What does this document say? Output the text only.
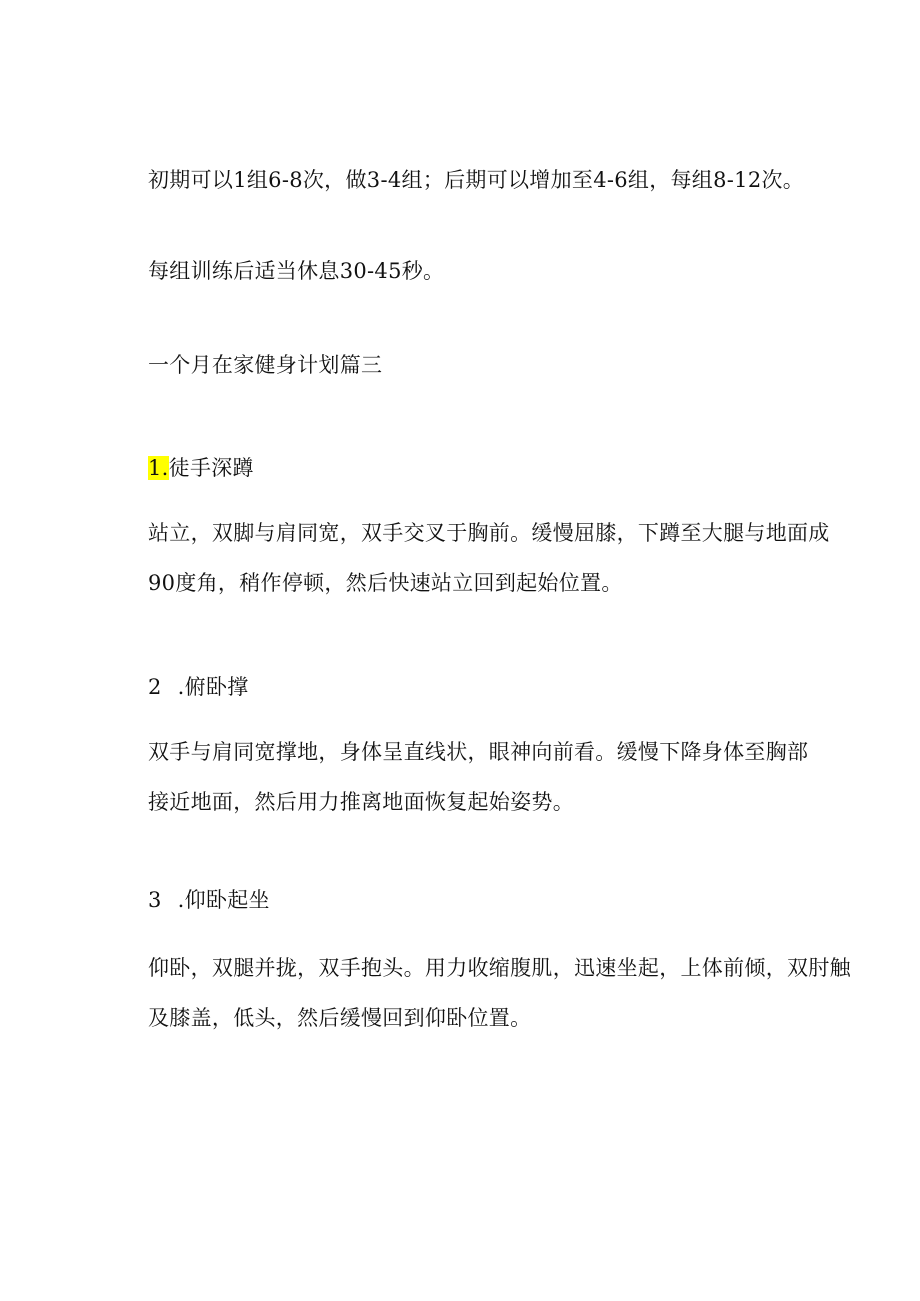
初期可以1组6-8次，做3-4组；后期可以增加至4-6组，每组8-12次。
每组训练后适当休息30-45秒。
一个月在家健身计划篇三
1.徒手深蹲
站立，双脚与肩同宽，双手交叉于胸前。缓慢屈膝，下蹲至大腿与地面成
90度角，稍作停顿，然后快速站立回到起始位置。
2 .俯卧撑
双手与肩同宽撑地，身体呈直线状，眼神向前看。缓慢下降身体至胸部
接近地面，然后用力推离地面恢复起始姿势。
3 .仰卧起坐
仰卧，双腿并拢，双手抱头。用力收缩腹肌，迅速坐起，上体前倾，双肘触
及膝盖，低头，然后缓慢回到仰卧位置。
